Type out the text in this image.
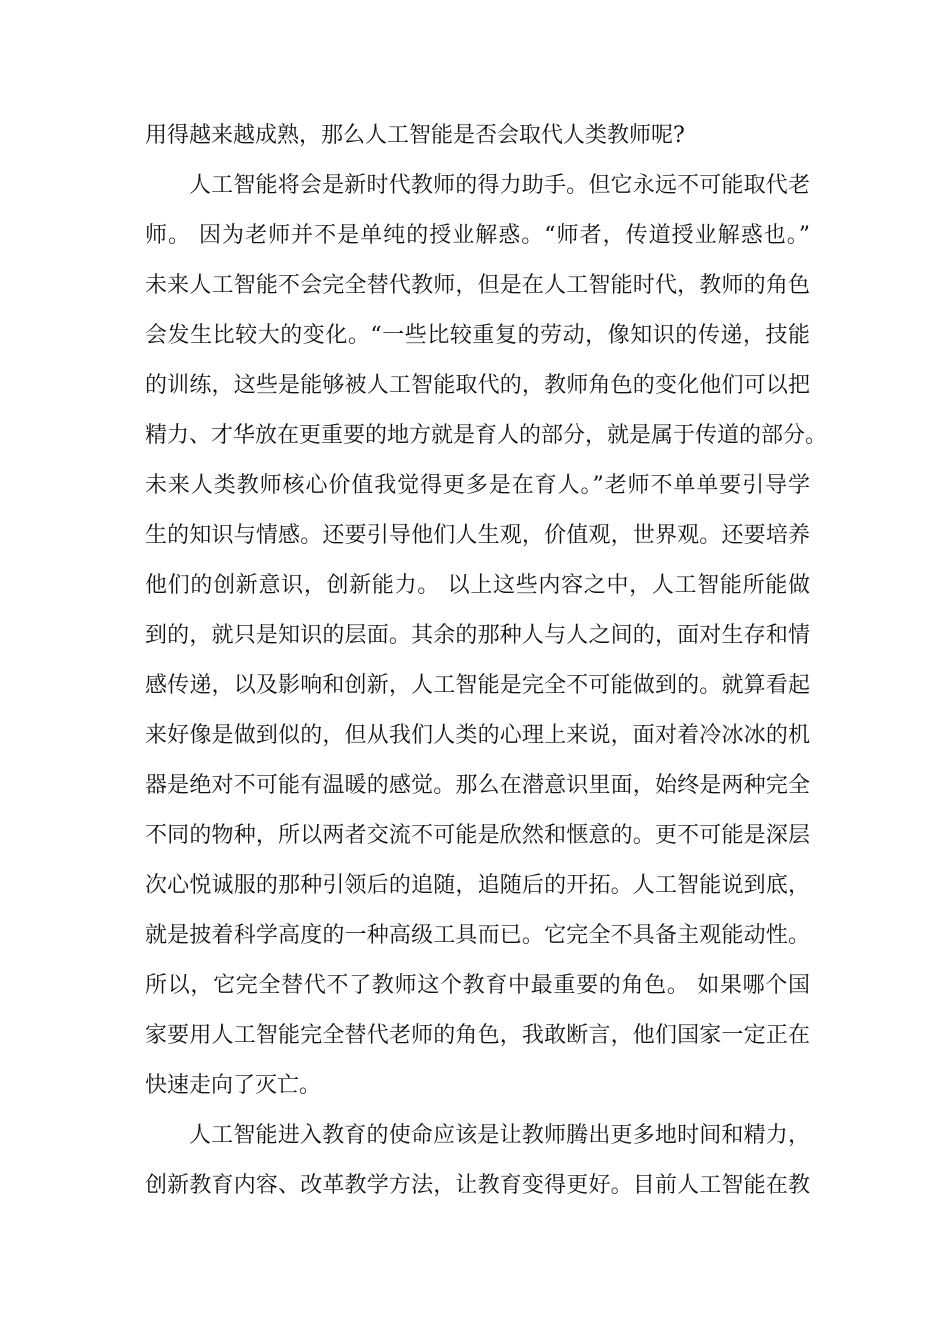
用得越来越成熟，那么人工智能是否会取代人类教师呢?
人工智能将会是新时代教师的得力助手。但它永远不可能取代老
师。 因为老师并不是单纯的授业解惑。“师者，传道授业解惑也。”
未来人工智能不会完全替代教师，但是在人工智能时代，教师的角色
会发生比较大的变化。“一些比较重复的劳动，像知识的传递，技能
的训练，这些是能够被人工智能取代的，教师角色的变化他们可以把
精力、才华放在更重要的地方就是育人的部分，就是属于传道的部分。
未来人类教师核心价值我觉得更多是在育人。”老师不单单要引导学
生的知识与情感。还要引导他们人生观，价值观，世界观。还要培养
他们的创新意识，创新能力。 以上这些内容之中，人工智能所能做
到的，就只是知识的层面。其余的那种人与人之间的，面对生存和情
感传递，以及影响和创新，人工智能是完全不可能做到的。就算看起
来好像是做到似的，但从我们人类的心理上来说，面对着冷冰冰的机
器是绝对不可能有温暖的感觉。那么在潜意识里面，始终是两种完全
不同的物种，所以两者交流不可能是欣然和惬意的。更不可能是深层
次心悦诚服的那种引领后的追随，追随后的开拓。人工智能说到底，
就是披着科学高度的一种高级工具而已。它完全不具备主观能动性。
所以，它完全替代不了教师这个教育中最重要的角色。 如果哪个国
家要用人工智能完全替代老师的角色，我敢断言，他们国家一定正在
快速走向了灭亡。
人工智能进入教育的使命应该是让教师腾出更多地时间和精力，
创新教育内容、改革教学方法，让教育变得更好。目前人工智能在教
